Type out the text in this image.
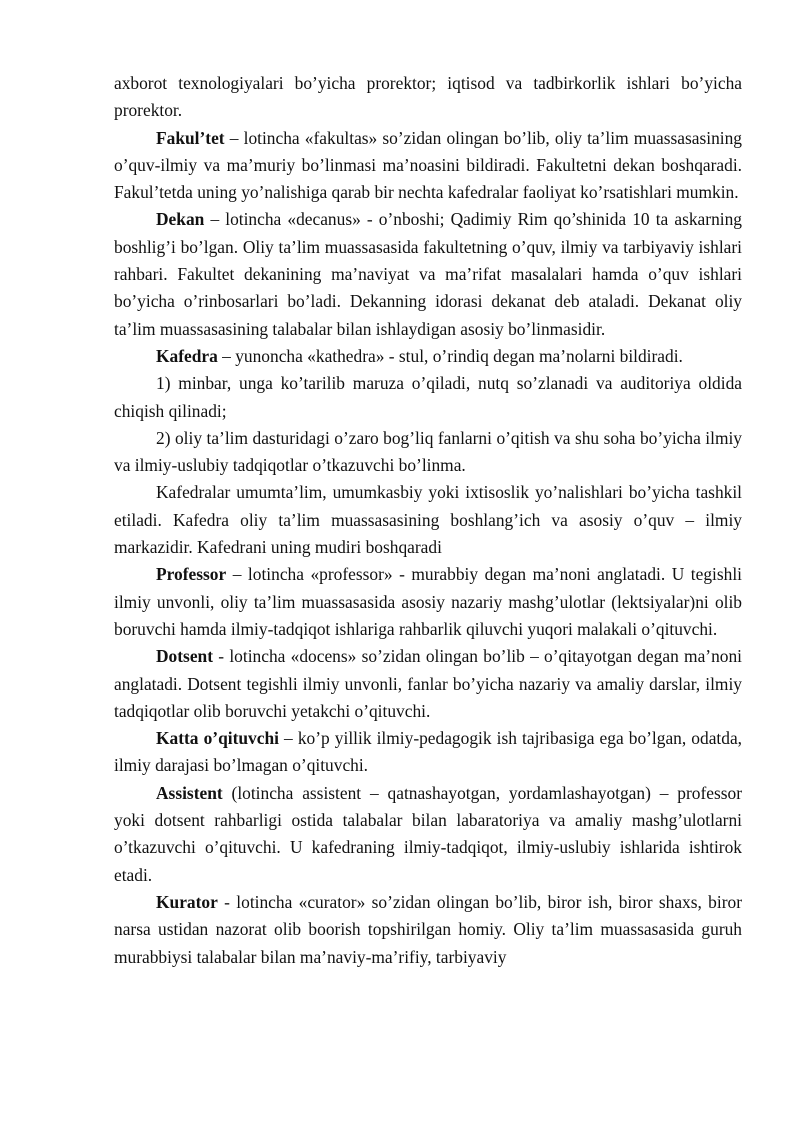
axborot texnologiyalari bo’yicha prorektor; iqtisod va tadbirkorlik ishlari bo’yicha prorektor.

Fakul’tet – lotincha «fakultas» so’zidan olingan bo’lib, oliy ta’lim muassasasining o’quv-ilmiy va ma’muriy bo’linmasi ma’noasini bildiradi. Fakultetni dekan boshqaradi. Fakul’tetda uning yo’nalishiga qarab bir nechta kafedralar faoliyat ko’rsatishlari mumkin.

Dekan – lotincha «decanus» - o’nboshi; Qadimiy Rim qo’shinida 10 ta askarning boshlig’i bo’lgan. Oliy ta’lim muassasasida fakultetning o’quv, ilmiy va tarbiyaviy ishlari rahbari. Fakultet dekanining ma’naviyat va ma’rifat masalalari hamda o’quv ishlari bo’yicha o’rinbosarlari bo’ladi. Dekanning idorasi dekanat deb ataladi. Dekanat oliy ta’lim muassasasining talabalar bilan ishlaydigan asosiy bo’linmasidir.

Kafedra – yunoncha «kathedra» - stul, o’rindiq degan ma’nolarni bildiradi.

1) minbar, unga ko’tarilib maruza o’qiladi, nutq so’zlanadi va auditoriya oldida chiqish qilinadi;

2) oliy ta’lim dasturidagi o’zaro bog’liq fanlarni o’qitish va shu soha bo’yicha ilmiy va ilmiy-uslubiy tadqiqotlar o’tkazuvchi bo’linma.

Kafedralar umumta’lim, umumkasbiy yoki ixtisoslik yo’nalishlari bo’yicha tashkil etiladi. Kafedra oliy ta’lim muassasasining boshlang’ich va asosiy o’quv – ilmiy markazidir. Kafedrani uning mudiri boshqaradi

Professor – lotincha «professor» - murabbiy degan ma’noni anglatadi. U tegishli ilmiy unvonli, oliy ta’lim muassasasida asosiy nazariy mashg’ulotlar (lektsiyalar)ni olib boruvchi hamda ilmiy-tadqiqot ishlariga rahbarlik qiluvchi yuqori malakali o’qituvchi.

Dotsent - lotincha «docens» so’zidan olingan bo’lib – o’qitayotgan degan ma’noni anglatadi. Dotsent tegishli ilmiy unvonli, fanlar bo’yicha nazariy va amaliy darslar, ilmiy tadqiqotlar olib boruvchi yetakchi o’qituvchi.

Katta o’qituvchi – ko’p yillik ilmiy-pedagogik ish tajribasiga ega bo’lgan, odatda, ilmiy darajasi bo’lmagan o’qituvchi.

Assistent (lotincha assistent – qatnashayotgan, yordamlashayotgan) – professor yoki dotsent rahbarligi ostida talabalar bilan labaratoriya va amaliy mashg’ulotlarni o’tkazuvchi o’qituvchi. U kafedraning ilmiy-tadqiqot, ilmiy-uslubiy ishlarida ishtirok etadi.

Kurator - lotincha «curator» so’zidan olingan bo’lib, biror ish, biror shaxs, biror narsa ustidan nazorat olib boorish topshirilgan homiy. Oliy ta’lim muassasasida guruh murabbiysi talabalar bilan ma’naviy-ma’rifiy, tarbiyaviy
